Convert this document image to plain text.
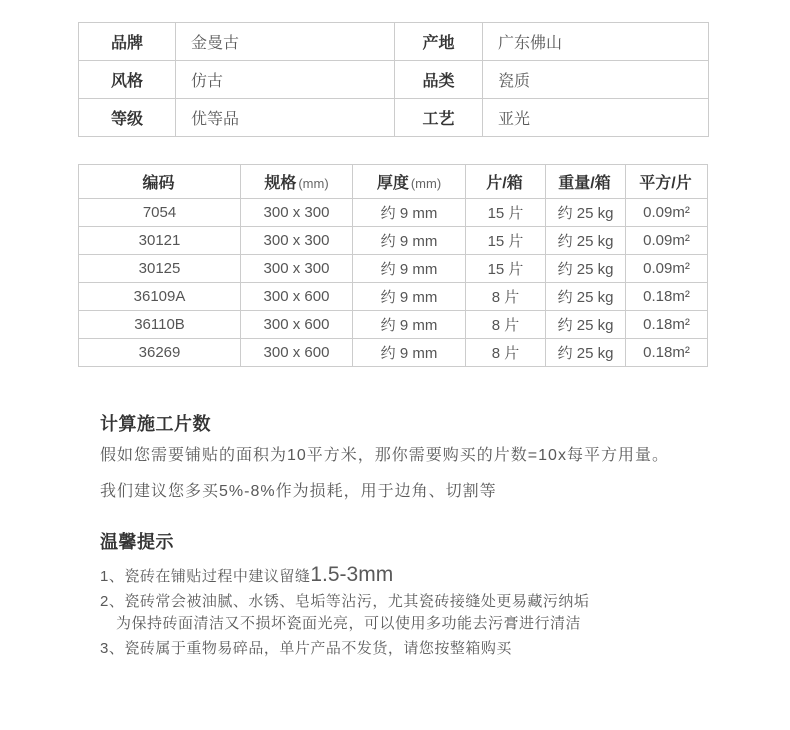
品牌	金曼古	产地	广东佛山
风格	仿古	品类	瓷质
等级	优等品	工艺	亚光
编码	规格 (mm)	厚度 (mm)	片/箱	重量/箱	平方/片
7054	300 x 300	约 9 mm	15 片	约 25 kg	0.09m²
30121	300 x 300	约 9 mm	15 片	约 25 kg	0.09m²
30125	300 x 300	约 9 mm	15 片	约 25 kg	0.09m²
36109A	300 x 600	约 9 mm	8 片	约 25 kg	0.18m²
36110B	300 x 600	约 9 mm	8 片	约 25 kg	0.18m²
36269	300 x 600	约 9 mm	8 片	约 25 kg	0.18m²
计算施工片数

假如您需要铺贴的面积为10平方米，那你需要购买的片数=10x每平方用量。

我们建议您多买5%-8%作为损耗，用于边角、切割等

温馨提示
1、瓷砖在铺贴过程中建议留缝1.5-3mm
2、瓷砖常会被油腻、水锈、皂垢等沾污，尤其瓷砖接缝处更易藏污纳垢
为保持砖面清洁又不损坏瓷面光亮，可以使用多功能去污膏进行清洁
3、瓷砖属于重物易碎品，单片产品不发货，请您按整箱购买
